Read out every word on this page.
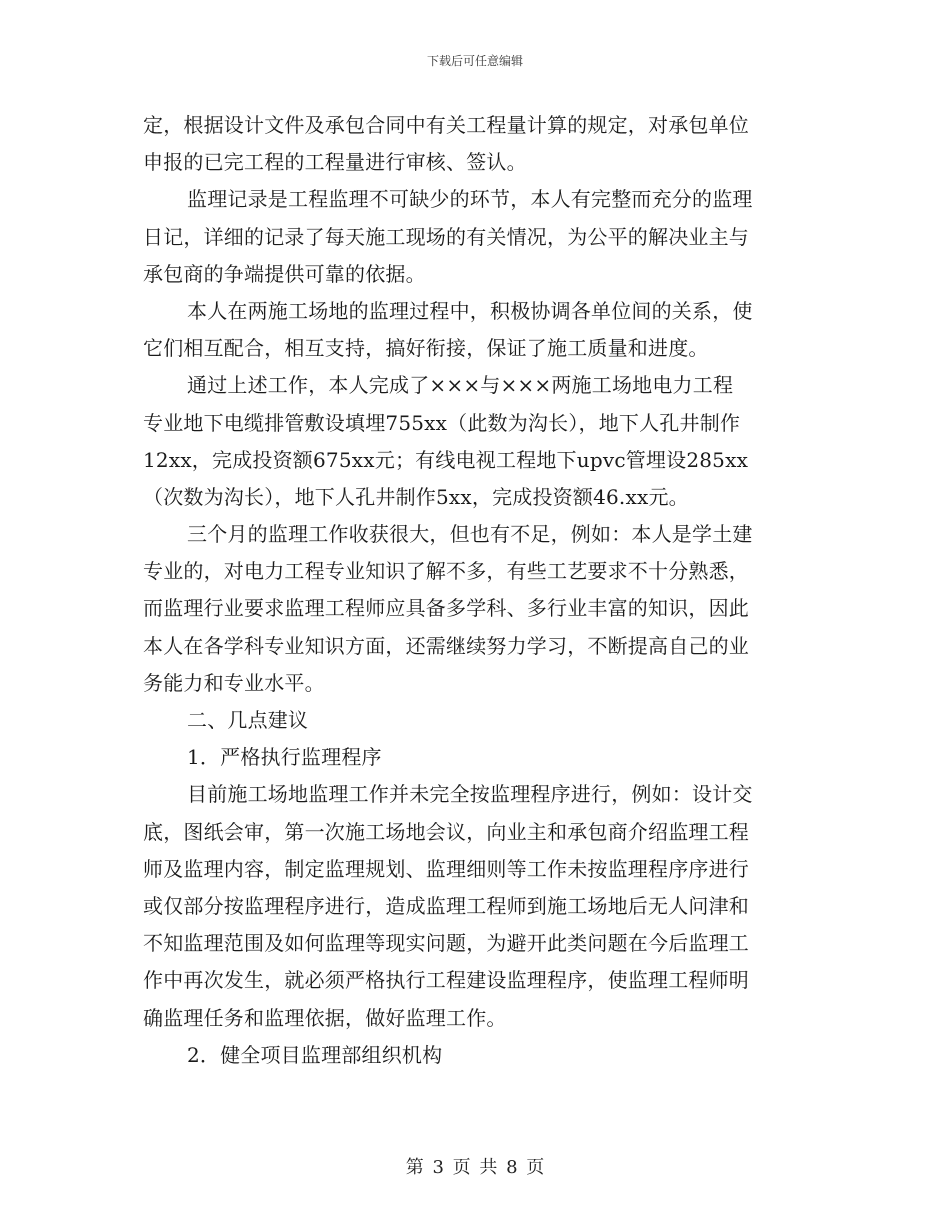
下载后可任意编辑
定，根据设计文件及承包合同中有关工程量计算的规定，对承包单位
申报的已完工程的工程量进行审核、签认。
监理记录是工程监理不可缺少的环节，本人有完整而充分的监理
日记，详细的记录了每天施工现场的有关情况，为公平的解决业主与
承包商的争端提供可靠的依据。
本人在两施工场地的监理过程中，积极协调各单位间的关系，使
它们相互配合，相互支持，搞好衔接，保证了施工质量和进度。
通过上述工作，本人完成了×××与×××两施工场地电力工程
专业地下电缆排管敷设填埋755xx（此数为沟长），地下人孔井制作
12xx，完成投资额675xx元；有线电视工程地下upvc管埋设285xx
（次数为沟长），地下人孔井制作5xx，完成投资额46.xx元。
三个月的监理工作收获很大，但也有不足，例如：本人是学土建
专业的，对电力工程专业知识了解不多，有些工艺要求不十分熟悉，
而监理行业要求监理工程师应具备多学科、多行业丰富的知识，因此
本人在各学科专业知识方面，还需继续努力学习，不断提高自己的业
务能力和专业水平。
二、几点建议
1．严格执行监理程序
目前施工场地监理工作并未完全按监理程序进行，例如：设计交
底，图纸会审，第一次施工场地会议，向业主和承包商介绍监理工程
师及监理内容，制定监理规划、监理细则等工作未按监理程序序进行
或仅部分按监理程序进行，造成监理工程师到施工场地后无人问津和
不知监理范围及如何监理等现实问题，为避开此类问题在今后监理工
作中再次发生，就必须严格执行工程建设监理程序，使监理工程师明
确监理任务和监理依据，做好监理工作。
2．健全项目监理部组织机构
第 3 页 共 8 页
